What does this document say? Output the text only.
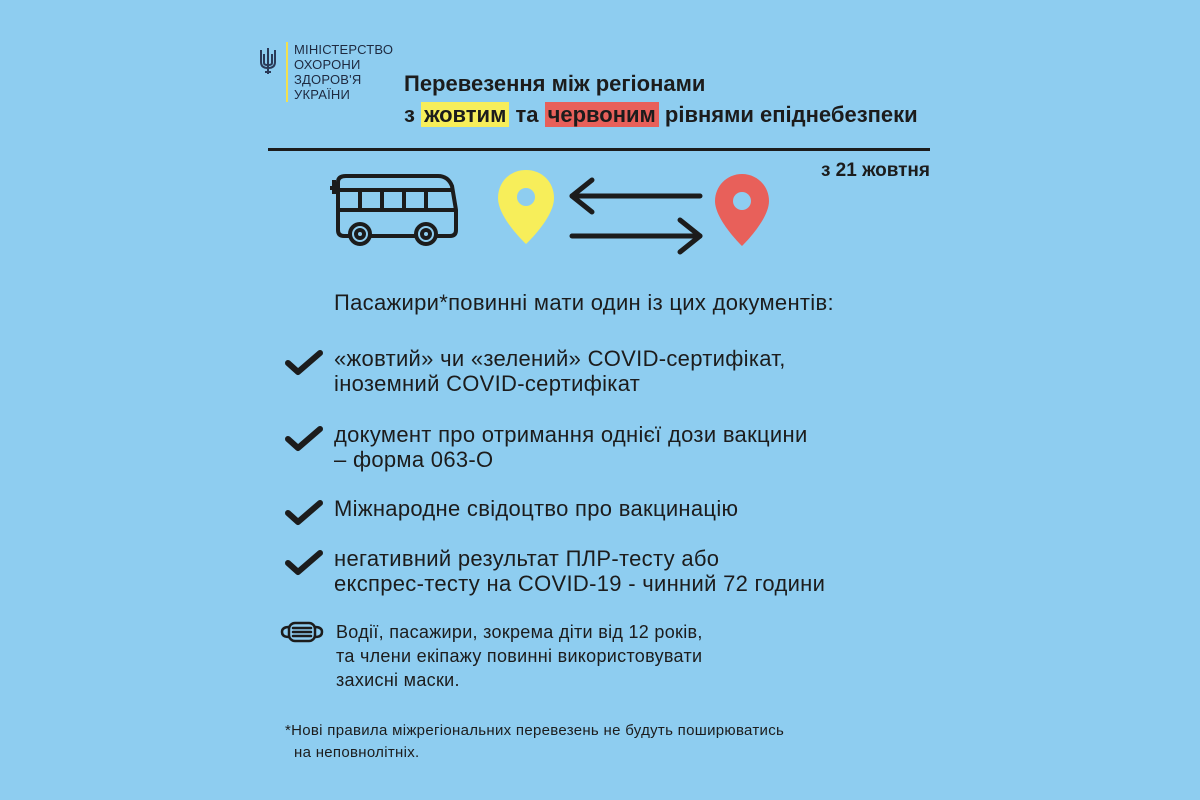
МІНІСТЕРСТВО
ОХОРОНИ
ЗДОРОВ'Я
УКРАЇНИ	Перевезення між регіонами
з жовтим та червоним рівнями епіднебезпеки
з 21 жовтня
Пасажири*повинні мати один із цих документів:
«жовтий» чи «зелений» COVID-сертифікат,
іноземний COVID-сертифікат
документ про отримання однієї дози вакцини
– форма 063-О
Міжнародне свідоцтво про вакцинацію
негативний результат ПЛР-тесту або
експрес-тесту на COVID-19 - чинний 72 години
Водії, пасажири, зокрема діти від 12 років,
та члени екіпажу повинні використовувати
захисні маски.
*Нові правила міжрегіональних перевезень не будуть поширюватись
на неповнолітніх.
